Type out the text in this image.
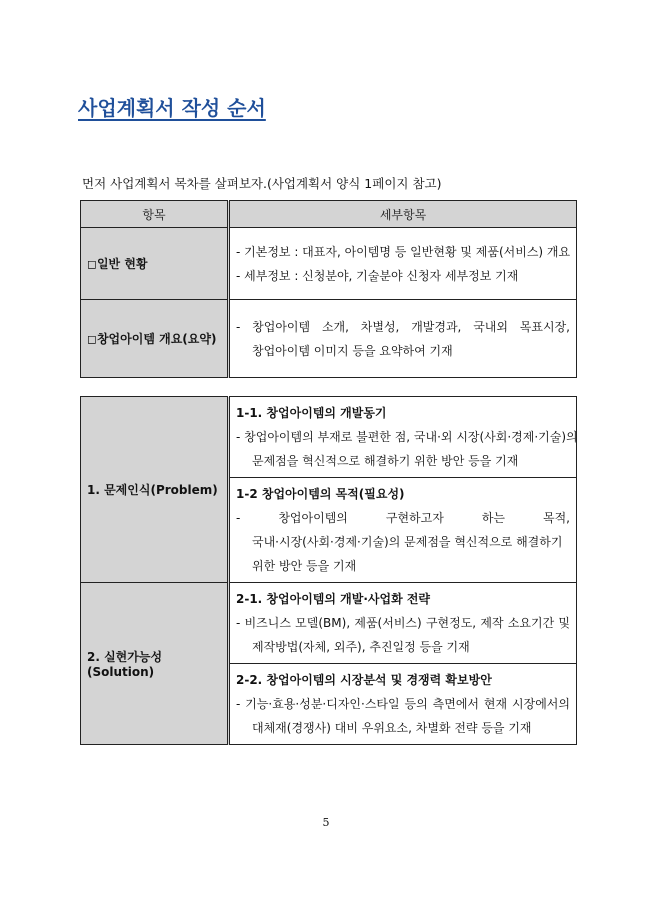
사업계획서 작성 순서
먼저 사업계획서 목차를 살펴보자.(사업계획서 양식 1페이지 참고)
항목	세부항목
◻일반 현황	- 기본정보 : 대표자, 아이템명 등 일반현황 및 제품(서비스) 개요
- 세부정보 : 신청분야, 기술분야 신청자 세부정보 기재

◻창업아이템 개요(요약)	- 창업아이템 소개, 차별성, 개발경과, 국내외 목표시장,
창업아이템 이미지 등을 요약하여 기재
1. 문제인식(Problem)	1-1. 창업아이템의 개발동기
- 창업아이템의 부재로 불편한 점, 국내·외 시장(사회·경제·기술)의
문제점을 혁신적으로 해결하기 위한 방안 등을 기재

	1-2 창업아이템의 목적(필요성)
- 창업아이템의 구현하고자 하는 목적,
국내·시장(사회·경제·기술)의 문제점을 혁신적으로 해결하기
위한 방안 등을 기재

2. 실현가능성(Solution)	2-1. 창업아이템의 개발·사업화 전략
- 비즈니스 모델(BM), 제품(서비스) 구현정도, 제작 소요기간 및
제작방법(자체, 외주), 추진일정 등을 기재

	2-2. 창업아이템의 시장분석 및 경쟁력 확보방안
- 기능·효용·성분·디자인·스타일 등의 측면에서 현재 시장에서의
대체재(경쟁사) 대비 우위요소, 차별화 전략 등을 기재
5
